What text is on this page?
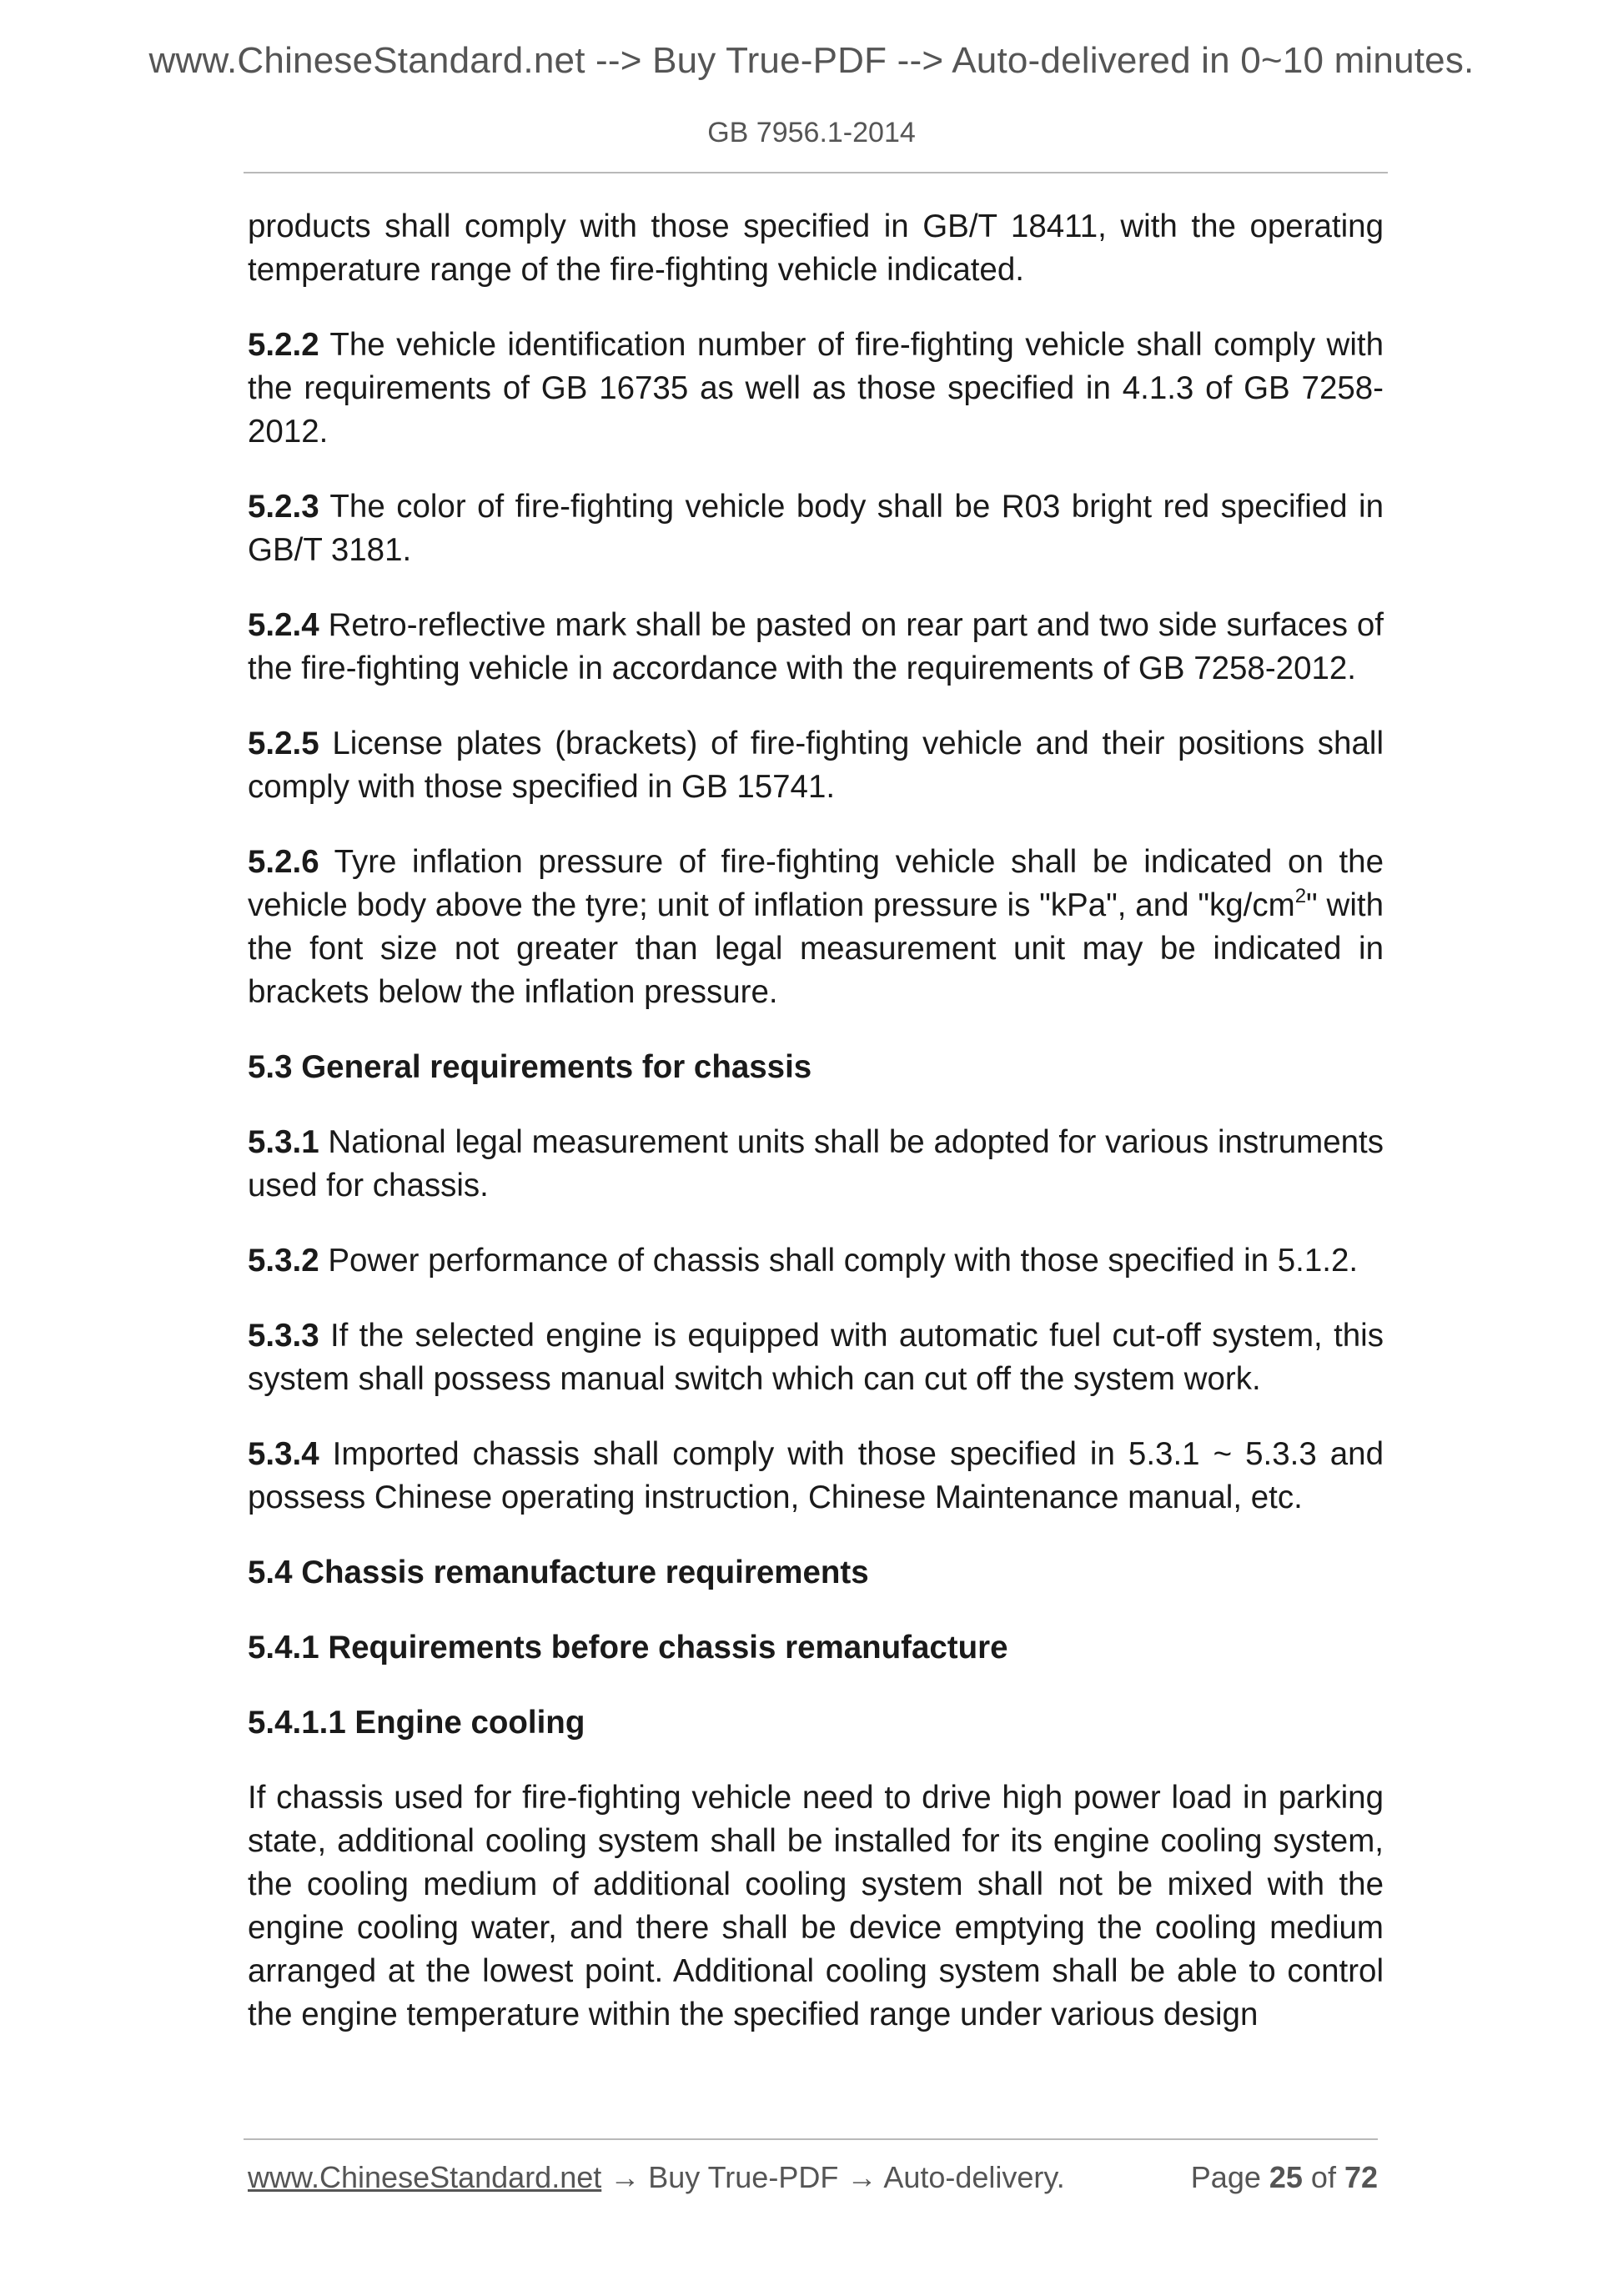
www.ChineseStandard.net --> Buy True-PDF --> Auto-delivered in 0~10 minutes.
GB 7956.1-2014

products shall comply with those specified in GB/T 18411, with the operating temperature range of the fire-fighting vehicle indicated.

5.2.2 The vehicle identification number of fire-fighting vehicle shall comply with the requirements of GB 16735 as well as those specified in 4.1.3 of GB 7258-2012.

5.2.3 The color of fire-fighting vehicle body shall be R03 bright red specified in GB/T 3181.

5.2.4 Retro-reflective mark shall be pasted on rear part and two side surfaces of the fire-fighting vehicle in accordance with the requirements of GB 7258-2012.

5.2.5 License plates (brackets) of fire-fighting vehicle and their positions shall comply with those specified in GB 15741.

5.2.6 Tyre inflation pressure of fire-fighting vehicle shall be indicated on the vehicle body above the tyre; unit of inflation pressure is "kPa", and "$kg/cm^2$" with the font size not greater than legal measurement unit may be indicated in brackets below the inflation pressure.

5.3 General requirements for chassis

5.3.1 National legal measurement units shall be adopted for various instruments used for chassis.

5.3.2 Power performance of chassis shall comply with those specified in 5.1.2.

5.3.3 If the selected engine is equipped with automatic fuel cut-off system, this system shall possess manual switch which can cut off the system work.

5.3.4 Imported chassis shall comply with those specified in 5.3.1 ~ 5.3.3 and possess Chinese operating instruction, Chinese Maintenance manual, etc.

5.4 Chassis remanufacture requirements

5.4.1 Requirements before chassis remanufacture

5.4.1.1 Engine cooling

If chassis used for fire-fighting vehicle need to drive high power load in parking state, additional cooling system shall be installed for its engine cooling system, the cooling medium of additional cooling system shall not be mixed with the engine cooling water, and there shall be device emptying the cooling medium arranged at the lowest point. Additional cooling system shall be able to control the engine temperature within the specified range under various design

www.ChineseStandard.net → Buy True-PDF → Auto-delivery.	Page 25 of 72
